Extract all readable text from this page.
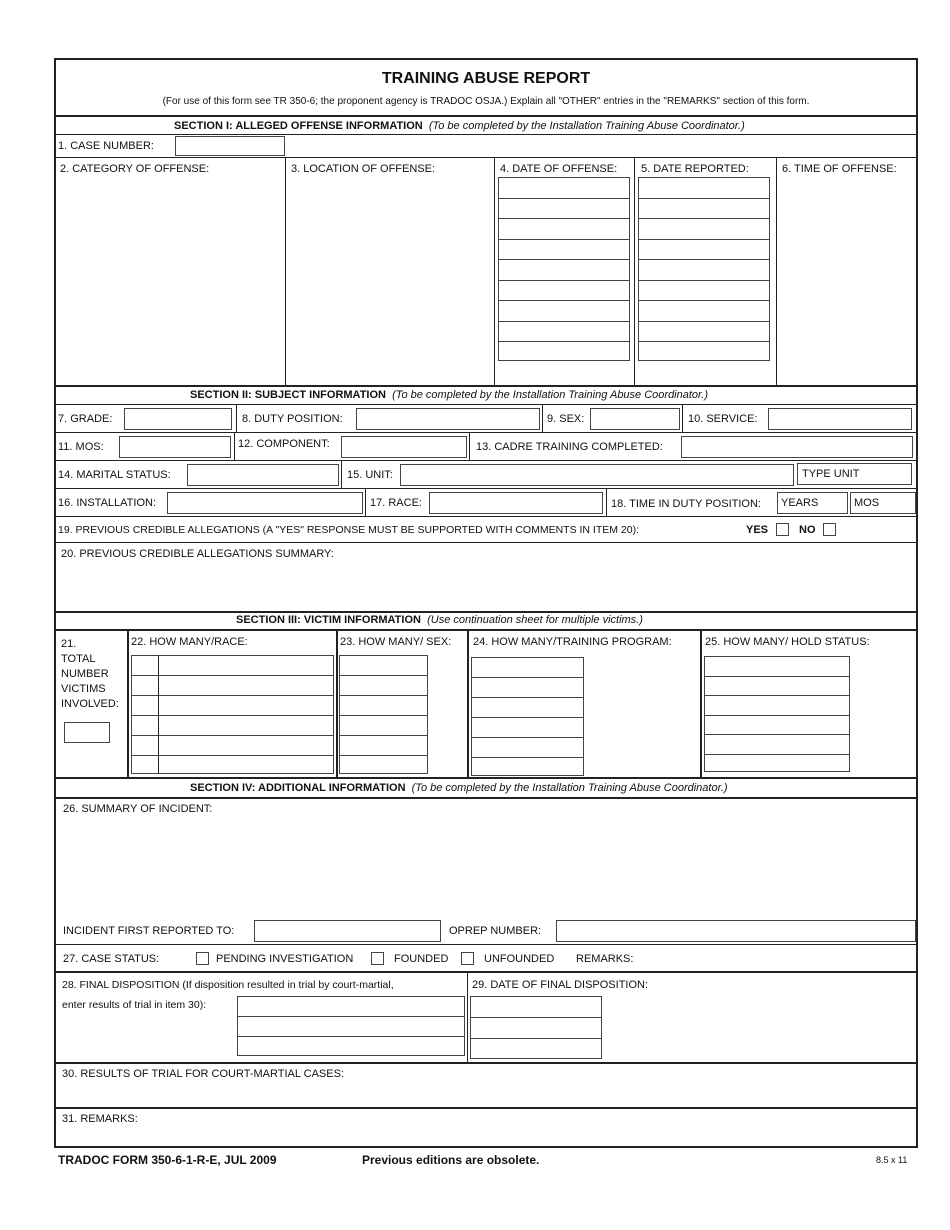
TRAINING ABUSE REPORT
(For use of this form see TR 350-6; the proponent agency is TRADOC OSJA.) Explain all "OTHER" entries in the "REMARKS" section of this form.
SECTION I: ALLEGED OFFENSE INFORMATION (To be completed by the Installation Training Abuse Coordinator.)
1. CASE NUMBER:
2. CATEGORY OF OFFENSE:	3. LOCATION OF OFFENSE:	4. DATE OF OFFENSE: 5. DATE REPORTED:	6. TIME OF OFFENSE:
SECTION II: SUBJECT INFORMATION (To be completed by the Installation Training Abuse Coordinator.)
7. GRADE:	8. DUTY POSITION:	9. SEX:	10. SERVICE:
11. MOS:	12. COMPONENT:	13. CADRE TRAINING COMPLETED:
14. MARITAL STATUS:	15. UNIT:	TYPE UNIT
16. INSTALLATION:	17. RACE:	18. TIME IN DUTY POSITION: YEARS	MOS
19. PREVIOUS CREDIBLE ALLEGATIONS (A "YES" RESPONSE MUST BE SUPPORTED WITH COMMENTS IN ITEM 20):	YES	NO
20. PREVIOUS CREDIBLE ALLEGATIONS SUMMARY:
SECTION III: VICTIM INFORMATION (Use continuation sheet for multiple victims.)
21.
TOTAL
NUMBER
VICTIMS
INVOLVED:
22. HOW MANY/RACE:	23. HOW MANY/ SEX: 24. HOW MANY/TRAINING PROGRAM:	25. HOW MANY/ HOLD STATUS:
SECTION IV: ADDITIONAL INFORMATION (To be completed by the Installation Training Abuse Coordinator.)
26. SUMMARY OF INCIDENT:
INCIDENT FIRST REPORTED TO:	OPREP NUMBER:
27. CASE STATUS:	PENDING INVESTIGATION	FOUNDED	UNFOUNDED REMARKS:
28. FINAL DISPOSITION (If disposition resulted in trial by court-martial,
enter results of trial in item 30):
29. DATE OF FINAL DISPOSITION:
30. RESULTS OF TRIAL FOR COURT-MARTIAL CASES:
31. REMARKS:
TRADOC FORM 350-6-1-R-E, JUL 2009	Previous editions are obsolete.	8.5 x 11
